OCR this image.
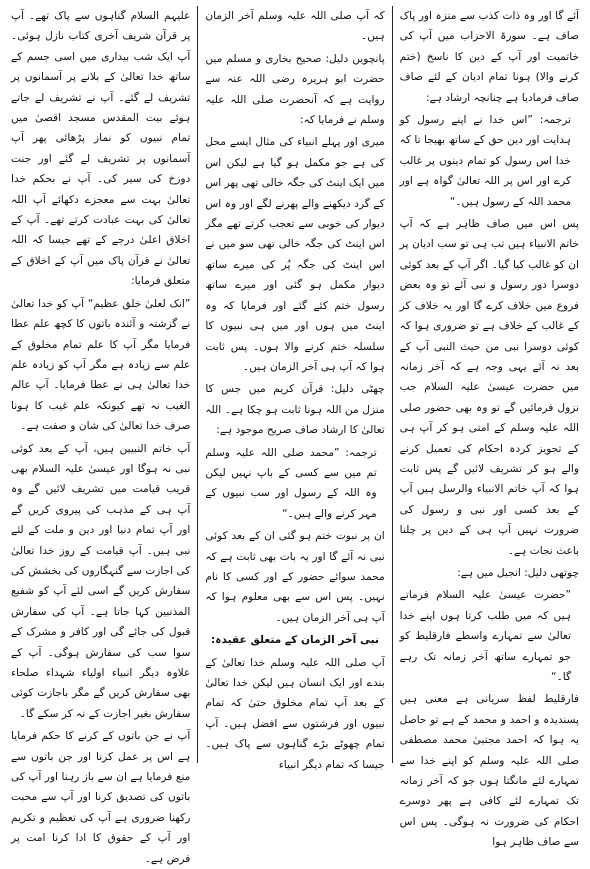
آئے گا اور وہ ذات کذب سے منزہ اور پاک صاف ہے۔ سورۃ الاحزاب میں آپ کی خاتمیت اور آپ کے دین کا ناسخ (ختم کرنے والا) ہونا تمام ادیان کے لئے صاف صاف فرمادیا ہے چنانچہ ارشاد ہے:

ترجمہ: ”اس خدا نے اپنے رسول کو ہدایت اور دین حق کے ساتھ بھیجا تا کہ خدا اس رسول کو تمام دینوں پر غالب کرے اور اس پر اللہ تعالیٰ گواہ ہے اور محمد اللہ کے رسول ہیں۔“

پس اس میں صاف ظاہر ہے کہ آپ خاتم الانبیاء ہیں تب ہی تو سب ادیان پر ان کو غالب کیا گیا۔ اگر آپ کے بعد کوئی دوسرا دور رسول و نبی آئے تو وہ بعض فروع میں خلاف کرے گا اور یہ خلاف کر کے غالب کے خلاف ہے تو ضروری ہوا کہ کوئی دوسرا نبی من حیث النبی آپ کے بعد نہ آئے یہی وجہ ہے کہ آخر زمانہ میں حضرت عیسیٰ علیہ السلام جب نزول فرمائیں گے تو وہ بھی حضور صلی اللہ علیہ وسلم کے امتی ہو کر آپ ہی کے تجویز کردہ احکام کی تعمیل کرنے والے ہو کر تشریف لائیں گے پس ثابت ہوا کہ آپ خاتم الانبیاء والرسل ہیں آپ کے بعد کسی اور نبی و رسول کی ضرورت نہیں آپ ہی کے دین پر چلنا باعث نجات ہے۔

چوتھی دلیل: انجیل میں ہے:

”حضرت عیسیٰ علیہ السلام فرماتے ہیں کہ میں طلب کرتا ہوں اپنے خدا تعالیٰ سے تمہارے واسطے فارقلیط کو جو تمہارے ساتھ آخر زمانہ تک رہے گا۔“

فارقلیط لفظ سریانی ہے معنی ہیں پسندیدہ و احمد و محمد کے ہے تو حاصل یہ ہوا کہ احمد مجتبیٰ محمد مصطفی صلی اللہ علیہ وسلم کو اپنے خدا سے تمہارے لئے مانگتا ہوں جو کہ آخر زمانہ تک تمہارے لئے کافی ہے پھر دوسرے احکام کی ضرورت نہ ہوگی۔ پس اس سے صاف ظاہر ہوا

کہ آپ صلی اللہ علیہ وسلم آخر الزمان ہیں۔

پانچویں دلیل: صحیح بخاری و مسلم میں حضرت ابو ہریرہ رضی اللہ عنہ سے روایت ہے کہ آنحضرت صلی اللہ علیہ وسلم نے فرمایا کہ:

میری اور پہلے انبیاء کی مثال ایسے محل کی ہے جو مکمل ہو گیا ہے لیکن اس میں ایک اینٹ کی جگہ خالی تھی پھر اس کے گرد دیکھنے والے پھرنے لگے اور وہ اس دیوار کی خوبی سے تعجب کرتے تھے مگر اس اینٹ کی جگہ خالی تھی سو میں نے اس اینٹ کی جگہ پُر کی میرے ساتھ دیوار مکمل ہو گئی اور میرے ساتھ رسول ختم کئے گئے اور فرمایا کہ وہ اینٹ میں ہوں اور میں ہی نبیوں کا سلسلہ ختم کرنے والا ہوں۔ پس ثابت ہوا کہ آپ ہی آخر الزمان ہیں۔

چھٹی دلیل: قرآن کریم میں جس کا منزل من اللہ ہونا ثابت ہو چکا ہے۔ اللہ تعالیٰ کا ارشاد صاف صریح موجود ہے:

ترجمہ: ”محمد صلی اللہ علیہ وسلم تم میں سے کسی کے باپ نہیں لیکن وہ اللہ کے رسول اور سب نبیوں کے مہر کرنے والے ہیں۔“

ان پر نبوت ختم ہو گئی ان کے بعد کوئی نبی نہ آئے گا اور یہ بات بھی ثابت ہے کہ محمد سوائے حضور کے اور کسی کا نام نہیں۔ پس اس سے بھی معلوم ہوا کہ آپ ہی آخر الزمان ہیں۔

نبی آخر الزمان کے متعلق عقیدہ:

آپ صلی اللہ علیہ وسلم خدا تعالیٰ کے بندے اور ایک انسان ہیں لیکن خدا تعالیٰ کے بعد آپ تمام مخلوق حتیٰ کہ تمام نبیوں اور فرشتوں سے افضل ہیں۔ آپ تمام چھوٹے بڑے گناہوں سے پاک ہیں۔ جیسا کہ تمام دیگر انبیاء

علیہم السلام گناہوں سے پاک تھے۔ آپ پر قرآن شریف آخری کتاب نازل ہوئی۔ آپ ایک شب بیداری میں اسی جسم کے ساتھ خدا تعالیٰ کے بلانے پر آسمانوں پر تشریف لے گئے۔ آپ نے تشریف لے جاتے ہوئے بیت المقدس مسجد اقصیٰ میں تمام نبیوں کو نماز پڑھائی پھر آپ آسمانوں پر تشریف لے گئے اور جنت دوزخ کی سیر کی۔ آپ نے بحکم خدا تعالیٰ بہت سے معجزے دکھائے آپ اللہ تعالیٰ کی بہت عبادت کرتے تھے۔ آپ کے اخلاق اعلیٰ درجے کے تھے جیسا کہ اللہ تعالیٰ نے قرآن پاک میں آپ کے اخلاق کے متعلق فرمایا:

”انک لعلیٰ خلق عظیم“ آپ کو خدا تعالیٰ نے گزشتہ و آئندہ باتوں کا کچھ علم عطا فرمایا مگر آپ کا علم تمام مخلوق کے علم سے زیادہ ہے مگر آپ کو زیادہ علم خدا تعالیٰ ہی نے عطا فرمایا۔ آپ عالم الغیب نہ تھے کیونکہ علم غیب کا ہونا صرف خدا تعالیٰ کی شان و صفت ہے۔

آپ خاتم النبیین ہیں، آپ کے بعد کوئی نبی نہ ہوگا اور عیسیٰ علیہ السلام بھی قریب قیامت میں تشریف لائیں گے وہ آپ ہی کے مذہب کی پیروی کریں گے اور آپ تمام دنیا اور دین و ملت کے لئے نبی ہیں۔ آپ قیامت کے روز خدا تعالیٰ کی اجازت سے گنہگاروں کی بخشش کی سفارش کریں گے اسی لئے آپ کو شفیع المذنبین کہا جاتا ہے۔ آپ کی سفارش قبول کی جائے گی اور کافر و مشرک کے سوا سب کی سفارش ہوگی۔ آپ کے علاوہ دیگر انبیاء اولیاء شہداء صلحاء بھی سفارش کریں گے مگر باجازت کوئی سفارش بغیر اجازت کے نہ کر سکے گا۔

آپ نے جن باتوں کے کرنے کا حکم فرمایا ہے اس پر عمل کرنا اور جن باتوں سے منع فرمایا ہے ان سے باز رہنا اور آپ کی باتوں کی تصدیق کرنا اور آپ سے محبت رکھنا ضروری ہے آپ کی تعظیم و تکریم اور آپ کے حقوق کا ادا کرنا امت پر فرض ہے۔
